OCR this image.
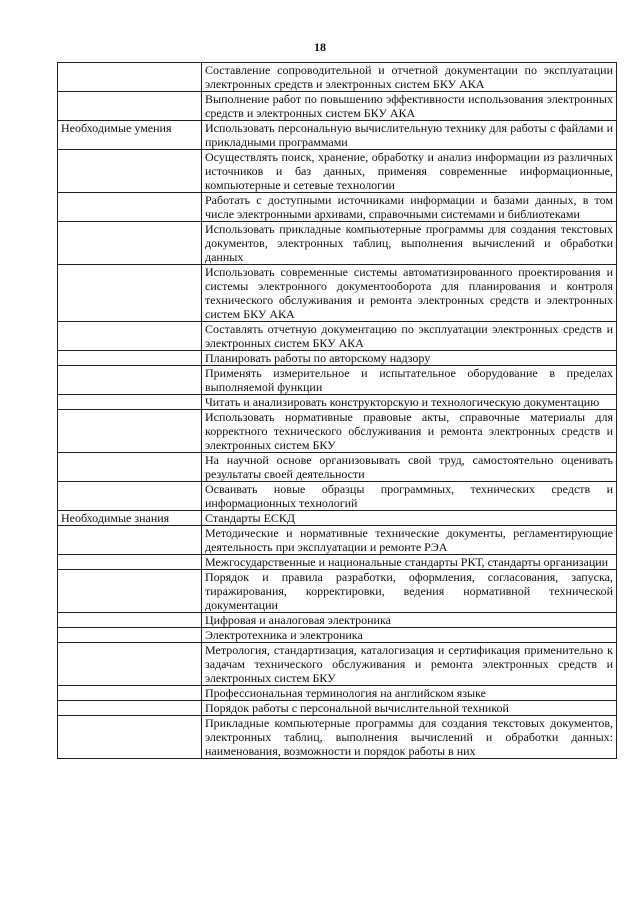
18
	Составление сопроводительной и отчетной документации по эксплуатации электронных средств и электронных систем БКУ АКА
	Выполнение работ по повышению эффективности использования электронных средств и электронных систем БКУ АКА
Необходимые умения	Использовать персональную вычислительную технику для работы с файлами и прикладными программами
	Осуществлять поиск, хранение, обработку и анализ информации из различных источников и баз данных, применяя современные информационные, компьютерные и сетевые технологии
	Работать с доступными источниками информации и базами данных, в том числе электронными архивами, справочными системами и библиотеками
	Использовать прикладные компьютерные программы для создания текстовых документов, электронных таблиц, выполнения вычислений и обработки данных
	Использовать современные системы автоматизированного проектирования и системы электронного документооборота для планирования и контроля технического обслуживания и ремонта электронных средств и электронных систем БКУ АКА
	Составлять отчетную документацию по эксплуатации электронных средств и электронных систем БКУ АКА
	Планировать работы по авторскому надзору
	Применять измерительное и испытательное оборудование в пределах выполняемой функции
	Читать и анализировать конструкторскую и технологическую документацию
	Использовать нормативные правовые акты, справочные материалы для корректного технического обслуживания и ремонта электронных средств и электронных систем БКУ
	На научной основе организовывать свой труд, самостоятельно оценивать результаты своей деятельности
	Осваивать новые образцы программных, технических средств и информационных технологий
Необходимые знания	Стандарты ЕСКД
	Методические и нормативные технические документы, регламентирующие деятельность при эксплуатации и ремонте РЭА
	Межгосударственные и национальные стандарты РКТ, стандарты организации
	Порядок и правила разработки, оформления, согласования, запуска, тиражирования, корректировки, ведения нормативной технической документации
	Цифровая и аналоговая электроника
	Электротехника и электроника
	Метрология, стандартизация, каталогизация и сертификация применительно к задачам технического обслуживания и ремонта электронных средств и электронных систем БКУ
	Профессиональная терминология на английском языке
	Порядок работы с персональной вычислительной техникой
	Прикладные компьютерные программы для создания текстовых документов, электронных таблиц, выполнения вычислений и обработки данных: наименования, возможности и порядок работы в них
